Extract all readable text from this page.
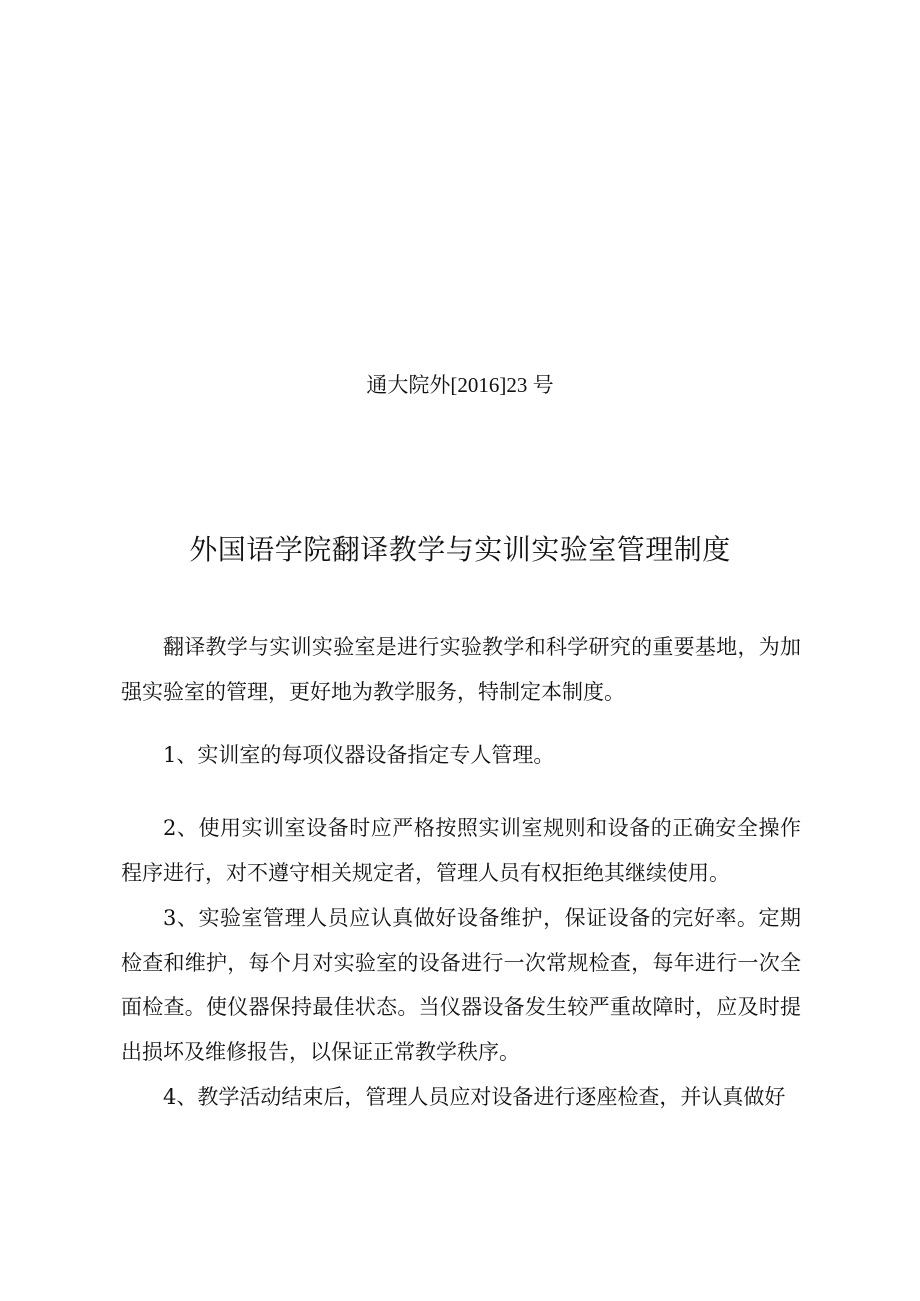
通大院外[2016]23 号
外国语学院翻译教学与实训实验室管理制度

翻译教学与实训实验室是进行实验教学和科学研究的重要基地，为加强实验室的管理，更好地为教学服务，特制定本制度。

1、实训室的每项仪器设备指定专人管理。

2、使用实训室设备时应严格按照实训室规则和设备的正确安全操作程序进行，对不遵守相关规定者，管理人员有权拒绝其继续使用。

3、实验室管理人员应认真做好设备维护，保证设备的完好率。定期检查和维护，每个月对实验室的设备进行一次常规检查，每年进行一次全面检查。使仪器保持最佳状态。当仪器设备发生较严重故障时，应及时提出损坏及维修报告，以保证正常教学秩序。

4、教学活动结束后，管理人员应对设备进行逐座检查，并认真做好
